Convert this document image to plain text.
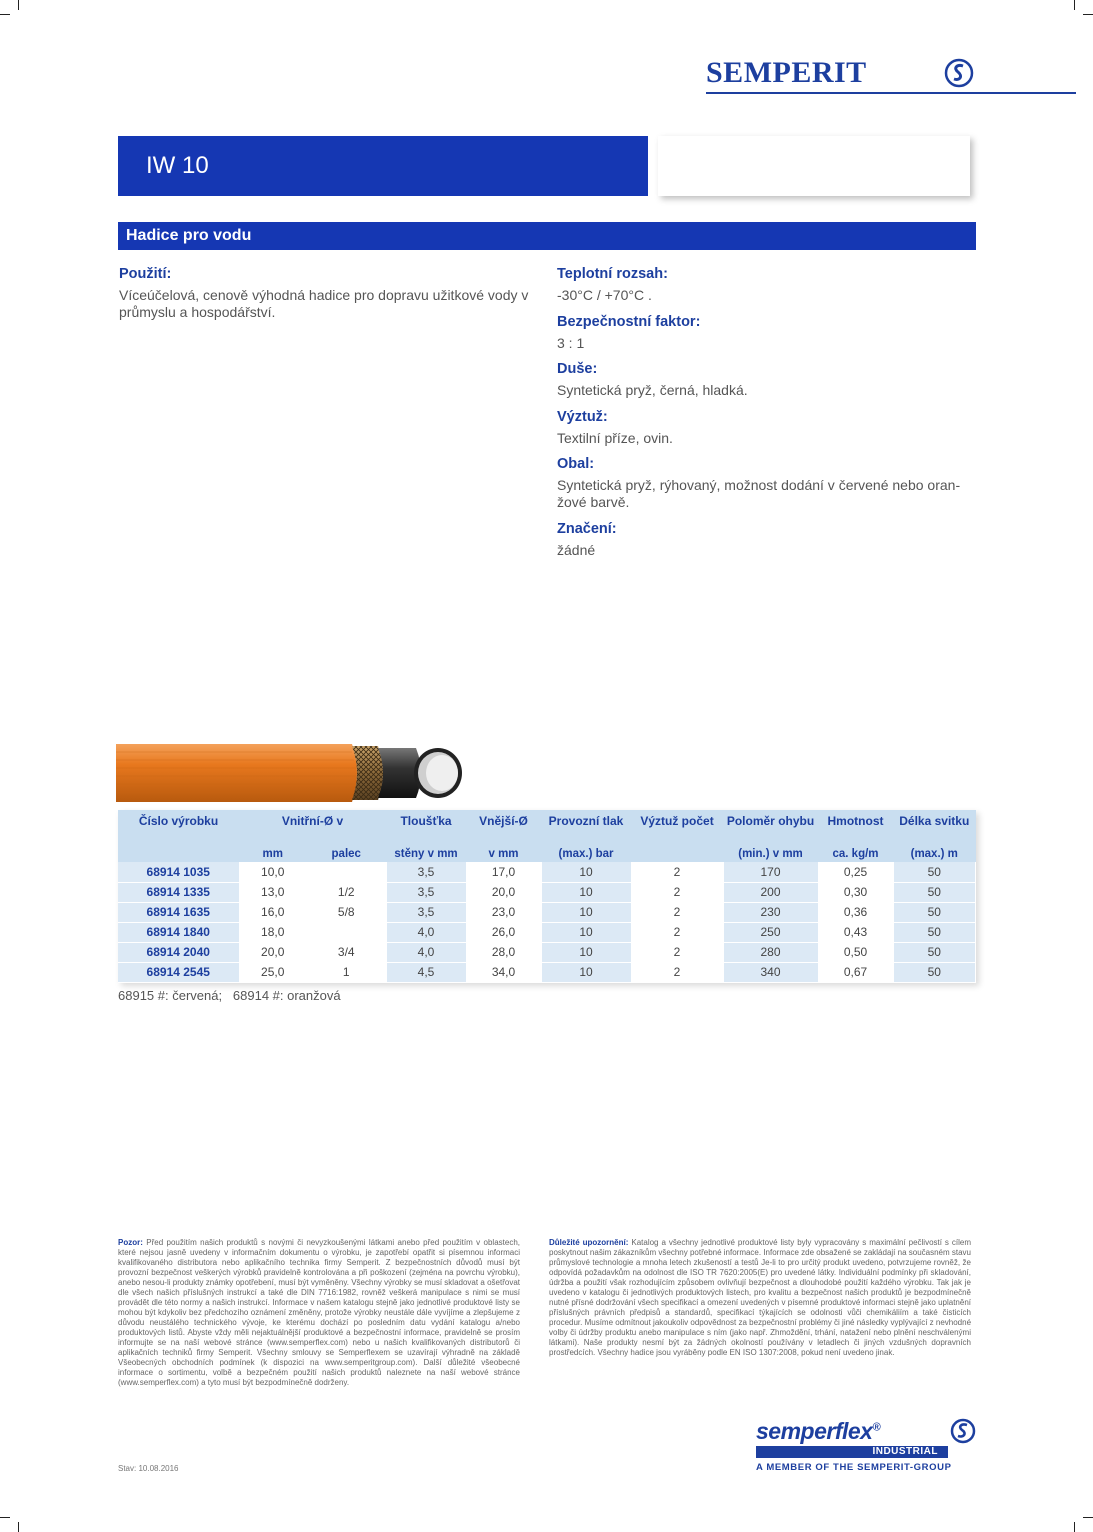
SEMPERIT
IW 10
Hadice pro vodu
Použití:
Víceúčelová, cenově výhodná hadice pro dopravu užitkové vody v průmyslu a hospodářství.
Teplotní rozsah:
-30°C / +70°C .
Bezpečnostní faktor:
3 : 1
Duše:
Syntetická pryž, černá, hladká.
Výztuž:
Textilní příze, ovin.
Obal:
Syntetická pryž, rýhovaný, možnost dodání v červené nebo oran-
žové barvě.
Značení:
žádné
Číslo výrobku	Vnitřní-Ø v		Tloušťka	Vnější-Ø	Provozní tlak	Výztuž počet	Poloměr ohybu	Hmotnost	Délka svitku
	mm	palec	stěny v mm	v mm	(max.) bar		(min.) v mm	ca. kg/m	(max.) m
68914 1035	10,0		3,5	17,0	10	2	170	0,25	50
68914 1335	13,0	1/2	3,5	20,0	10	2	200	0,30	50
68914 1635	16,0	5/8	3,5	23,0	10	2	230	0,36	50
68914 1840	18,0		4,0	26,0	10	2	250	0,43	50
68914 2040	20,0	3/4	4,0	28,0	10	2	280	0,50	50
68914 2545	25,0	1	4,5	34,0	10	2	340	0,67	50
68915 #: červená;   68914 #: oranžová
Pozor: Před použitím našich produktů s novými či nevyzkoušenými látkami anebo před použitím v oblastech, které nejsou jasně uvedeny v informačním dokumentu o výrobku, je zapotřebí opatřit si písemnou informaci kvalifikovaného distributora nebo aplikačního technika firmy Semperit. Z bezpečnostních důvodů musí být provozní bezpečnost veškerých výrobků pravidelně kontrolována a při poškození (zejména na povrchu výrobku), anebo nesou-li produkty známky opotřebení, musí být vyměněny. Všechny výrobky se musí skladovat a ošetřovat dle všech našich příslušných instrukcí a také dle DIN 7716:1982, rovněž veškerá manipulace s nimi se musí provádět dle této normy a našich instrukcí. Informace v našem katalogu stejně jako jednotlivé produktové listy se mohou být kdykoliv bez předchozího oznámení změněny, protože výrobky neustále dále vyvíjíme a zlepšujeme z důvodu neustálého technického vývoje, ke kterému dochází po posledním datu vydání katalogu a/nebo produktových listů. Abyste vždy měli nejaktuálnější produktové a bezpečnostní informace, pravidelně se prosím informujte se na naší webové stránce (www.semperflex.com) nebo u našich kvalifikovaných distributorů či aplikačních techniků firmy Semperit. Všechny smlouvy se Semperflexem se uzavírají výhradně na základě Všeobecných obchodních podmínek (k dispozici na www.semperitgroup.com). Další důležité všeobecné informace o sortimentu, volbě a bezpečném použití našich produktů naleznete na naší webové stránce (www.semperflex.com) a tyto musí být bezpodmínečně dodrženy.
Důležité upozornění: Katalog a všechny jednotlivé produktové listy byly vypracovány s maximální pečlivostí s cílem poskytnout našim zákazníkům všechny potřebné informace. Informace zde obsažené se zakládají na současném stavu průmyslové technologie a mnoha letech zkušeností a testů Je-li to pro určitý produkt uvedeno, potvrzujeme rovněž, že odpovídá požadavkům na odolnost dle ISO TR 7620:2005(E) pro uvedené látky. Individuální podmínky při skladování, údržba a použití však rozhodujícím způsobem ovlivňují bezpečnost a dlouhodobé použití každého výrobku. Tak jak je uvedeno v katalogu či jednotlivých produktových listech, pro kvalitu a bezpečnost našich produktů je bezpodmínečně nutné přísné dodržování všech specifikací a omezení uvedených v písemné produktové informaci stejně jako uplatnění příslušných právních předpisů a standardů, specifikací týkajících se odolnosti vůči chemikáliím a také čisticích procedur. Musíme odmítnout jakoukoliv odpovědnost za bezpečnostní problémy či jiné následky vyplývající z nevhodné volby či údržby produktu anebo manipulace s ním (jako např. Zhmoždění, trhání, natažení nebo plnění neschválenými látkami). Naše produkty nesmí být za žádných okolností používány v letadlech či jiných vzdušných dopravních prostředcích. Všechny hadice jsou vyráběny podle EN ISO 1307:2008, pokud není uvedeno jinak.
semperflex®
INDUSTRIAL
A MEMBER OF THE SEMPERIT-GROUP
Stav: 10.08.2016
